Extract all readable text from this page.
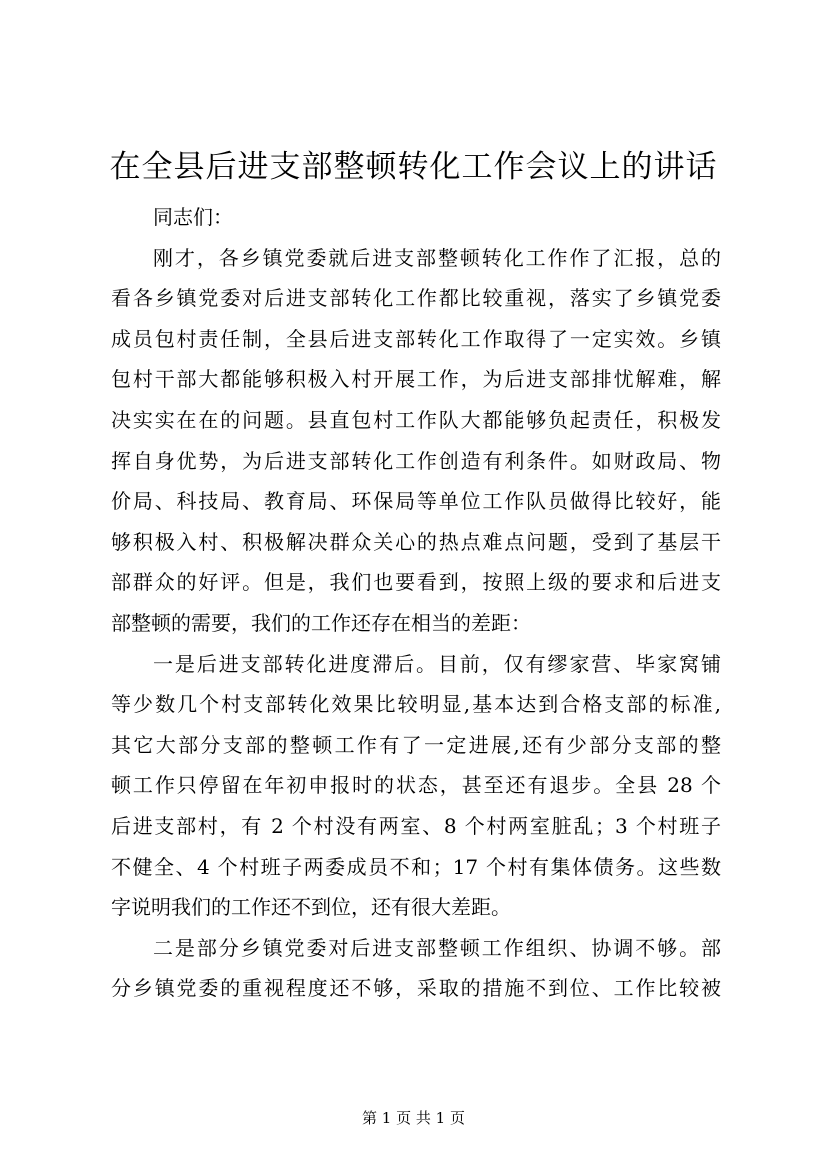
在全县后进支部整顿转化工作会议上的讲话
同志们：
刚才，各乡镇党委就后进支部整顿转化工作作了汇报，总的
看各乡镇党委对后进支部转化工作都比较重视，落实了乡镇党委
成员包村责任制，全县后进支部转化工作取得了一定实效。乡镇
包村干部大都能够积极入村开展工作，为后进支部排忧解难，解
决实实在在的问题。县直包村工作队大都能够负起责任，积极发
挥自身优势，为后进支部转化工作创造有利条件。如财政局、物
价局、科技局、教育局、环保局等单位工作队员做得比较好，能
够积极入村、积极解决群众关心的热点难点问题，受到了基层干
部群众的好评。但是，我们也要看到，按照上级的要求和后进支
部整顿的需要，我们的工作还存在相当的差距：
一是后进支部转化进度滞后。目前，仅有缪家营、毕家窝铺
等少数几个村支部转化效果比较明显,基本达到合格支部的标准,
其它大部分支部的整顿工作有了一定进展,还有少部分支部的整
顿工作只停留在年初申报时的状态，甚至还有退步。全县 28 个
后进支部村，有 2 个村没有两室、8 个村两室脏乱；3 个村班子
不健全、4 个村班子两委成员不和；17 个村有集体债务。这些数
字说明我们的工作还不到位，还有很大差距。
二是部分乡镇党委对后进支部整顿工作组织、协调不够。部
分乡镇党委的重视程度还不够，采取的措施不到位、工作比较被
第 1 页 共 1 页
